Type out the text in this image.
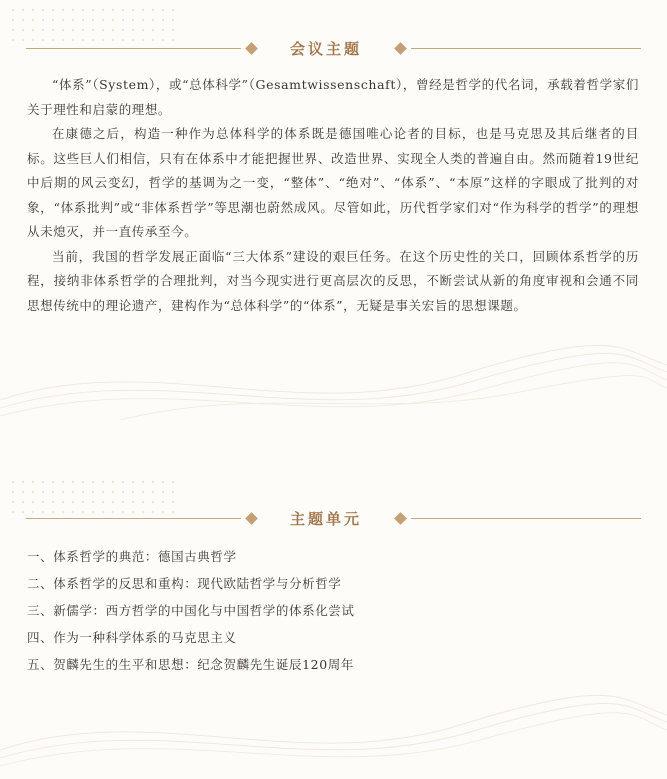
会议主题

“体系”（System），或“总体科学”（Gesamtwissenschaft），曾经是哲学的代名词，承载着哲学家们关于理性和启蒙的理想。

在康德之后，构造一种作为总体科学的体系既是德国唯心论者的目标，也是马克思及其后继者的目标。这些巨人们相信，只有在体系中才能把握世界、改造世界、实现全人类的普遍自由。然而随着19世纪中后期的风云变幻，哲学的基调为之一变，“整体”、“绝对”、“体系”、“本原”这样的字眼成了批判的对象，“体系批判”或“非体系哲学”等思潮也蔚然成风。尽管如此，历代哲学家们对“作为科学的哲学”的理想从未熄灭，并一直传承至今。

当前，我国的哲学发展正面临“三大体系”建设的艰巨任务。在这个历史性的关口，回顾体系哲学的历程，接纳非体系哲学的合理批判，对当今现实进行更高层次的反思，不断尝试从新的角度审视和会通不同思想传统中的理论遗产，建构作为“总体科学”的“体系”，无疑是事关宏旨的思想课题。

主题单元
一、体系哲学的典范：德国古典哲学
二、体系哲学的反思和重构：现代欧陆哲学与分析哲学
三、新儒学：西方哲学的中国化与中国哲学的体系化尝试
四、作为一种科学体系的马克思主义
五、贺麟先生的生平和思想：纪念贺麟先生诞辰120周年
